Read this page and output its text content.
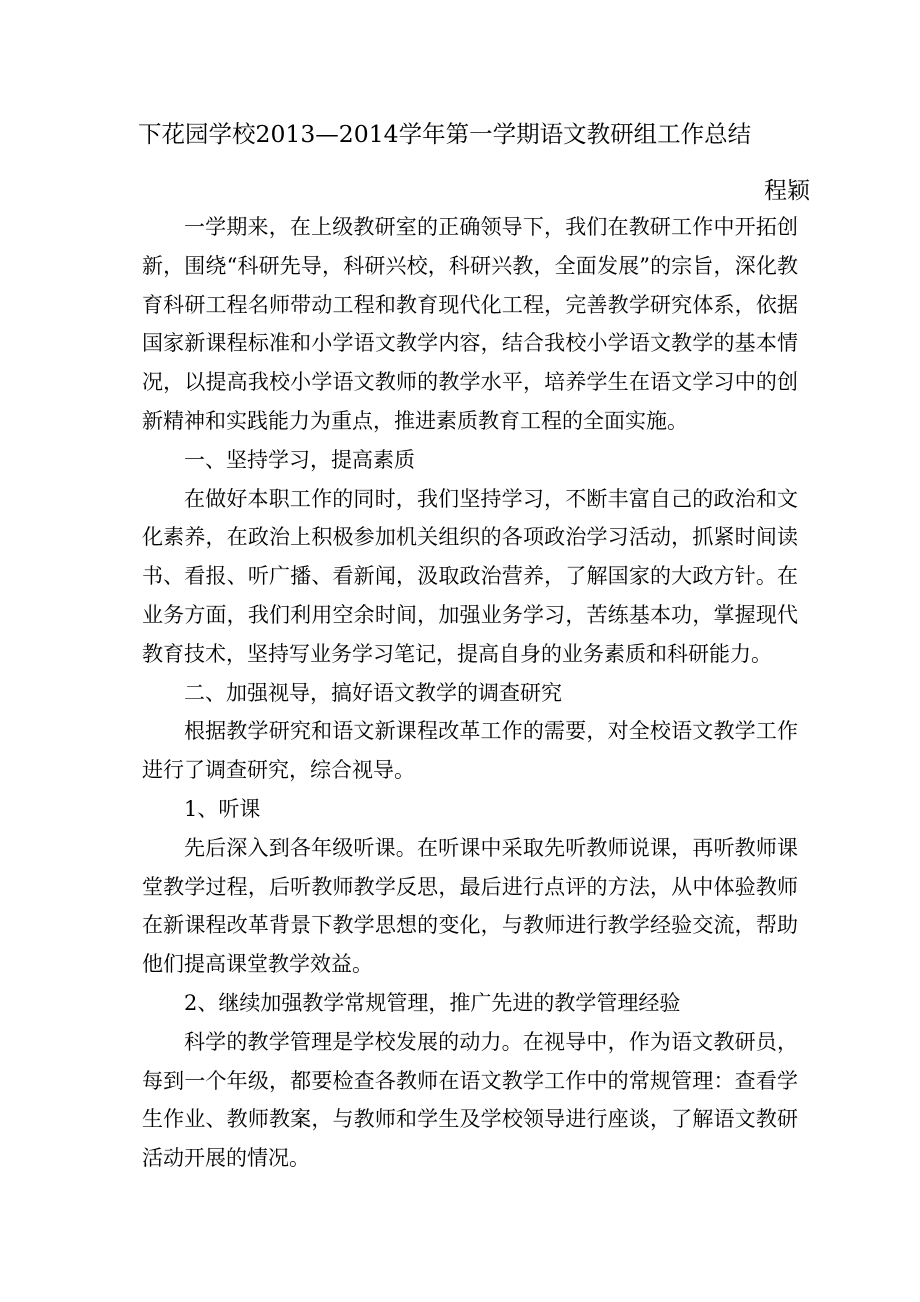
下花园学校2013—2014学年第一学期语文教研组工作总结
程颖

一学期来，在上级教研室的正确领导下，我们在教研工作中开拓创新，围绕“科研先导，科研兴校，科研兴教，全面发展”的宗旨，深化教育科研工程名师带动工程和教育现代化工程，完善教学研究体系，依据国家新课程标准和小学语文教学内容，结合我校小学语文教学的基本情况，以提高我校小学语文教师的教学水平，培养学生在语文学习中的创新精神和实践能力为重点，推进素质教育工程的全面实施。

一、坚持学习，提高素质

在做好本职工作的同时，我们坚持学习，不断丰富自己的政治和文化素养，在政治上积极参加机关组织的各项政治学习活动，抓紧时间读书、看报、听广播、看新闻，汲取政治营养，了解国家的大政方针。在业务方面，我们利用空余时间，加强业务学习，苦练基本功，掌握现代教育技术，坚持写业务学习笔记，提高自身的业务素质和科研能力。

二、加强视导，搞好语文教学的调查研究

根据教学研究和语文新课程改革工作的需要，对全校语文教学工作进行了调查研究，综合视导。

1、听课

先后深入到各年级听课。在听课中采取先听教师说课，再听教师课堂教学过程，后听教师教学反思，最后进行点评的方法，从中体验教师在新课程改革背景下教学思想的变化，与教师进行教学经验交流，帮助他们提高课堂教学效益。

2、继续加强教学常规管理，推广先进的教学管理经验

科学的教学管理是学校发展的动力。在视导中，作为语文教研员，每到一个年级，都要检查各教师在语文教学工作中的常规管理：查看学生作业、教师教案，与教师和学生及学校领导进行座谈，了解语文教研活动开展的情况。
